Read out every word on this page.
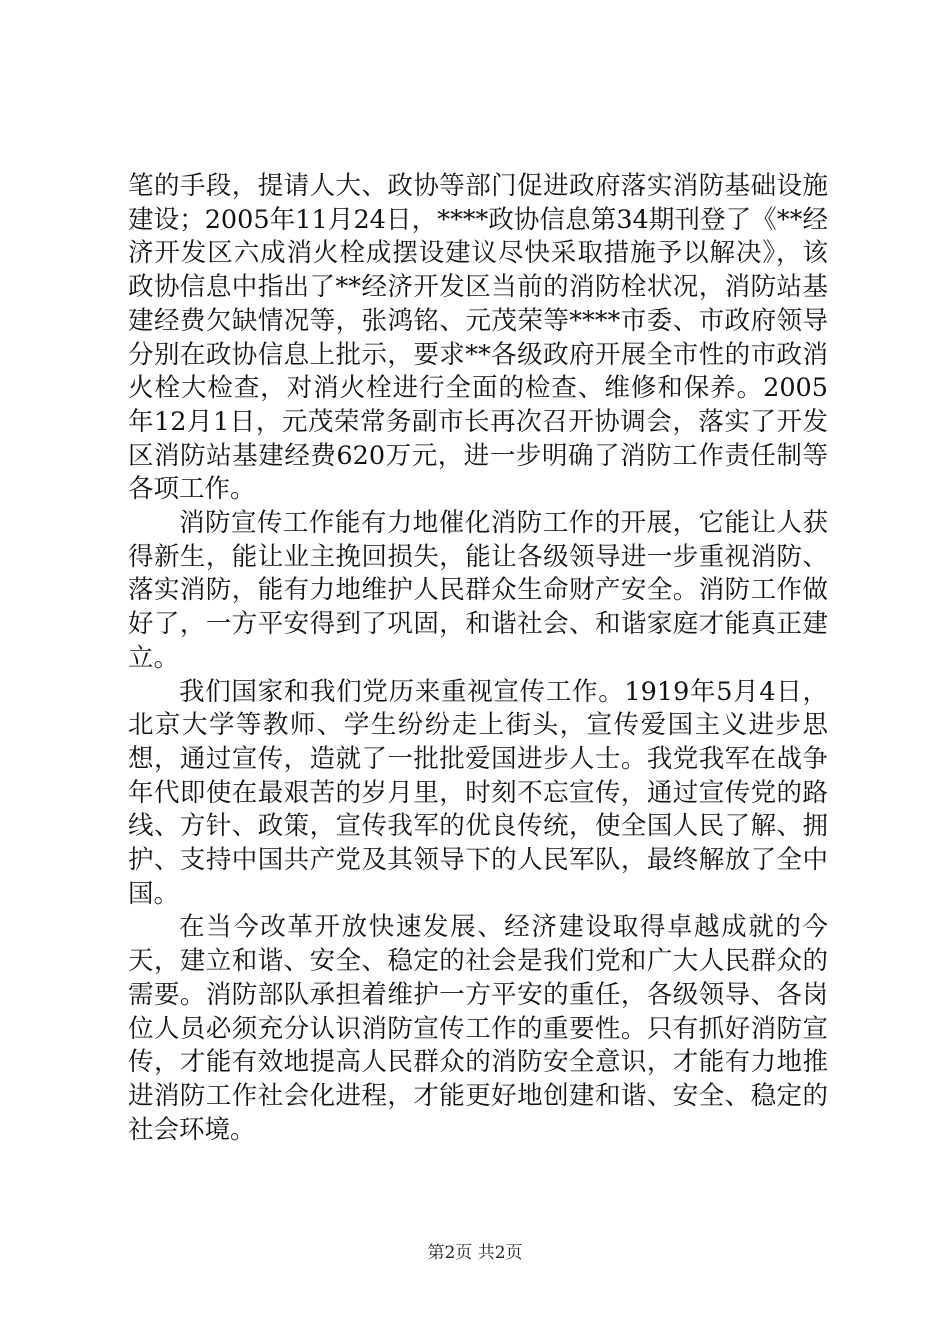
笔的手段，提请人大、政协等部门促进政府落实消防基础设施建设；2005年11月24日，****政协信息第34期刊登了《**经济开发区六成消火栓成摆设建议尽快采取措施予以解决》，该政协信息中指出了**经济开发区当前的消防栓状况，消防站基建经费欠缺情况等，张鸿铭、元茂荣等****市委、市政府领导分别在政协信息上批示，要求**各级政府开展全市性的市政消火栓大检查，对消火栓进行全面的检查、维修和保养。2005年12月1日，元茂荣常务副市长再次召开协调会，落实了开发区消防站基建经费620万元，进一步明确了消防工作责任制等各项工作。

消防宣传工作能有力地催化消防工作的开展，它能让人获得新生，能让业主挽回损失，能让各级领导进一步重视消防、落实消防，能有力地维护人民群众生命财产安全。消防工作做好了，一方平安得到了巩固，和谐社会、和谐家庭才能真正建立。

我们国家和我们党历来重视宣传工作。1919年5月4日，北京大学等教师、学生纷纷走上街头，宣传爱国主义进步思想，通过宣传，造就了一批批爱国进步人士。我党我军在战争年代即使在最艰苦的岁月里，时刻不忘宣传，通过宣传党的路线、方针、政策，宣传我军的优良传统，使全国人民了解、拥护、支持中国共产党及其领导下的人民军队，最终解放了全中国。

在当今改革开放快速发展、经济建设取得卓越成就的今天，建立和谐、安全、稳定的社会是我们党和广大人民群众的需要。消防部队承担着维护一方平安的重任，各级领导、各岗位人员必须充分认识消防宣传工作的重要性。只有抓好消防宣传，才能有效地提高人民群众的消防安全意识，才能有力地推进消防工作社会化进程，才能更好地创建和谐、安全、稳定的社会环境。

第2页 共2页
